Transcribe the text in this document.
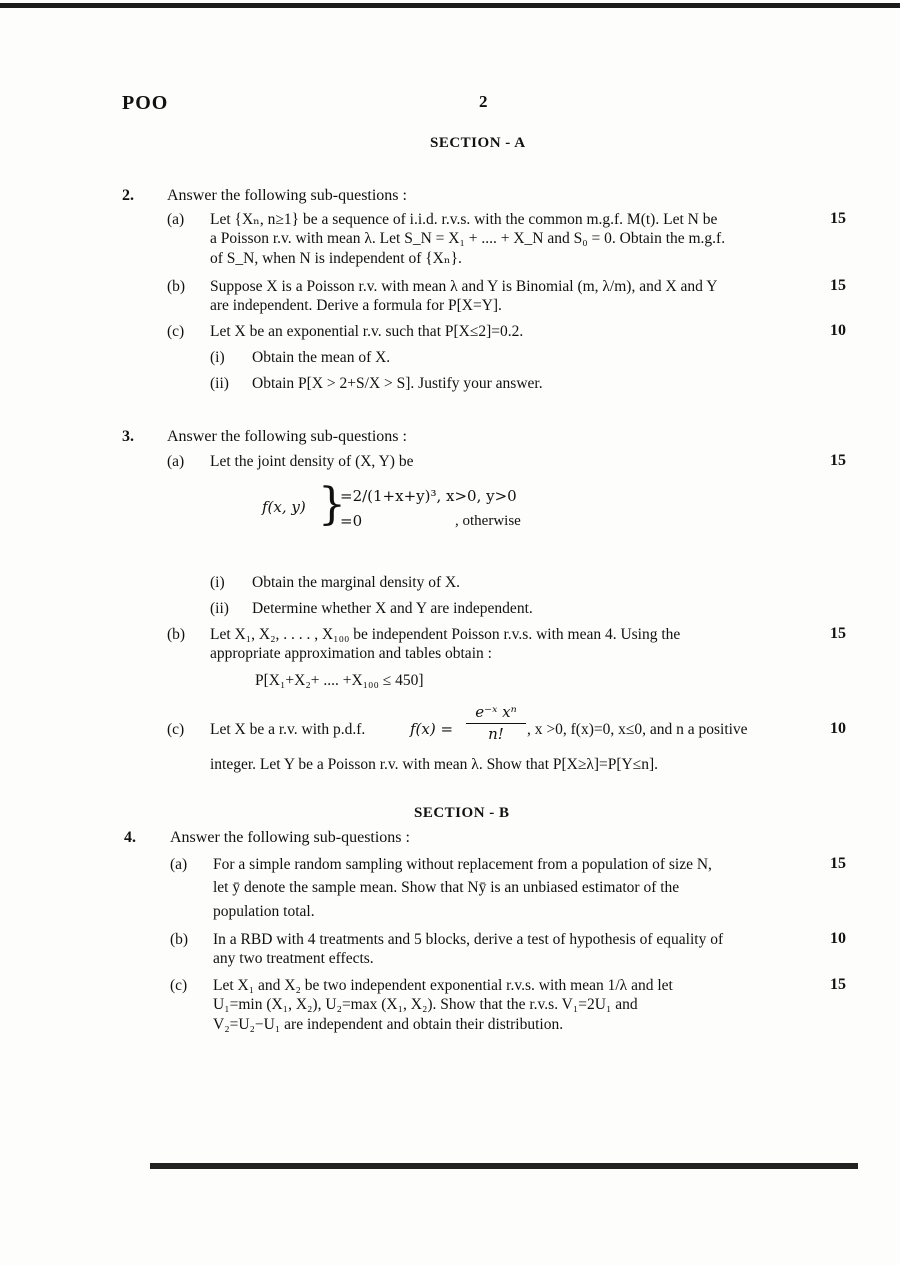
POO	2
SECTION - A
2. Answer the following sub-questions :
(a) Let {Xₙ, n≥1} be a sequence of i.i.d. r.v.s. with the common m.g.f. M(t). Let N be
a Poisson r.v. with mean λ. Let S_N = X₁ + .... + X_N and S₀ = 0. Obtain the m.g.f.
of S_N, when N is independent of {Xₙ}.
15
(b) Suppose X is a Poisson r.v. with mean λ and Y is Binomial (m, λ/m), and X and Y
are independent. Derive a formula for P[X=Y].
15
(c) Let X be an exponential r.v. such that P[X≤2]=0.2.	10
(i) Obtain the mean of X.
(ii) Obtain P[X > 2+S/X > S]. Justify your answer.
3. Answer the following sub-questions :
(a) Let the joint density of (X, Y) be	15
f(x, y) }
=2/(1+x+y)³, x>0, y>0
=0	, otherwise
(i) Obtain the marginal density of X.
(ii) Determine whether X and Y are independent.
(b) Let X₁, X₂, . . . . , X₁₀₀ be independent Poisson r.v.s. with mean 4. Using the
appropriate approximation and tables obtain :
15
P[X₁+X₂+ .... +X₁₀₀ ≤ 450]
(c) Let X be a r.v. with p.d.f.	f(x) =
e⁻ˣ xⁿ
n!	, x >0, f(x)=0, x≤0, and n a positive	10
integer. Let Y be a Poisson r.v. with mean λ. Show that P[X≥λ]=P[Y≤n].
SECTION - B
4. Answer the following sub-questions :
(a) For a simple random sampling without replacement from a population of size N,
let ȳ denote the sample mean. Show that Nȳ is an unbiased estimator of the
population total.
15
(b) In a RBD with 4 treatments and 5 blocks, derive a test of hypothesis of equality of
any two treatment effects.
10
(c) Let X₁ and X₂ be two independent exponential r.v.s. with mean 1/λ and let
U₁=min (X₁, X₂), U₂=max (X₁, X₂). Show that the r.v.s. V₁=2U₁ and
V₂=U₂−U₁ are independent and obtain their distribution.
15
